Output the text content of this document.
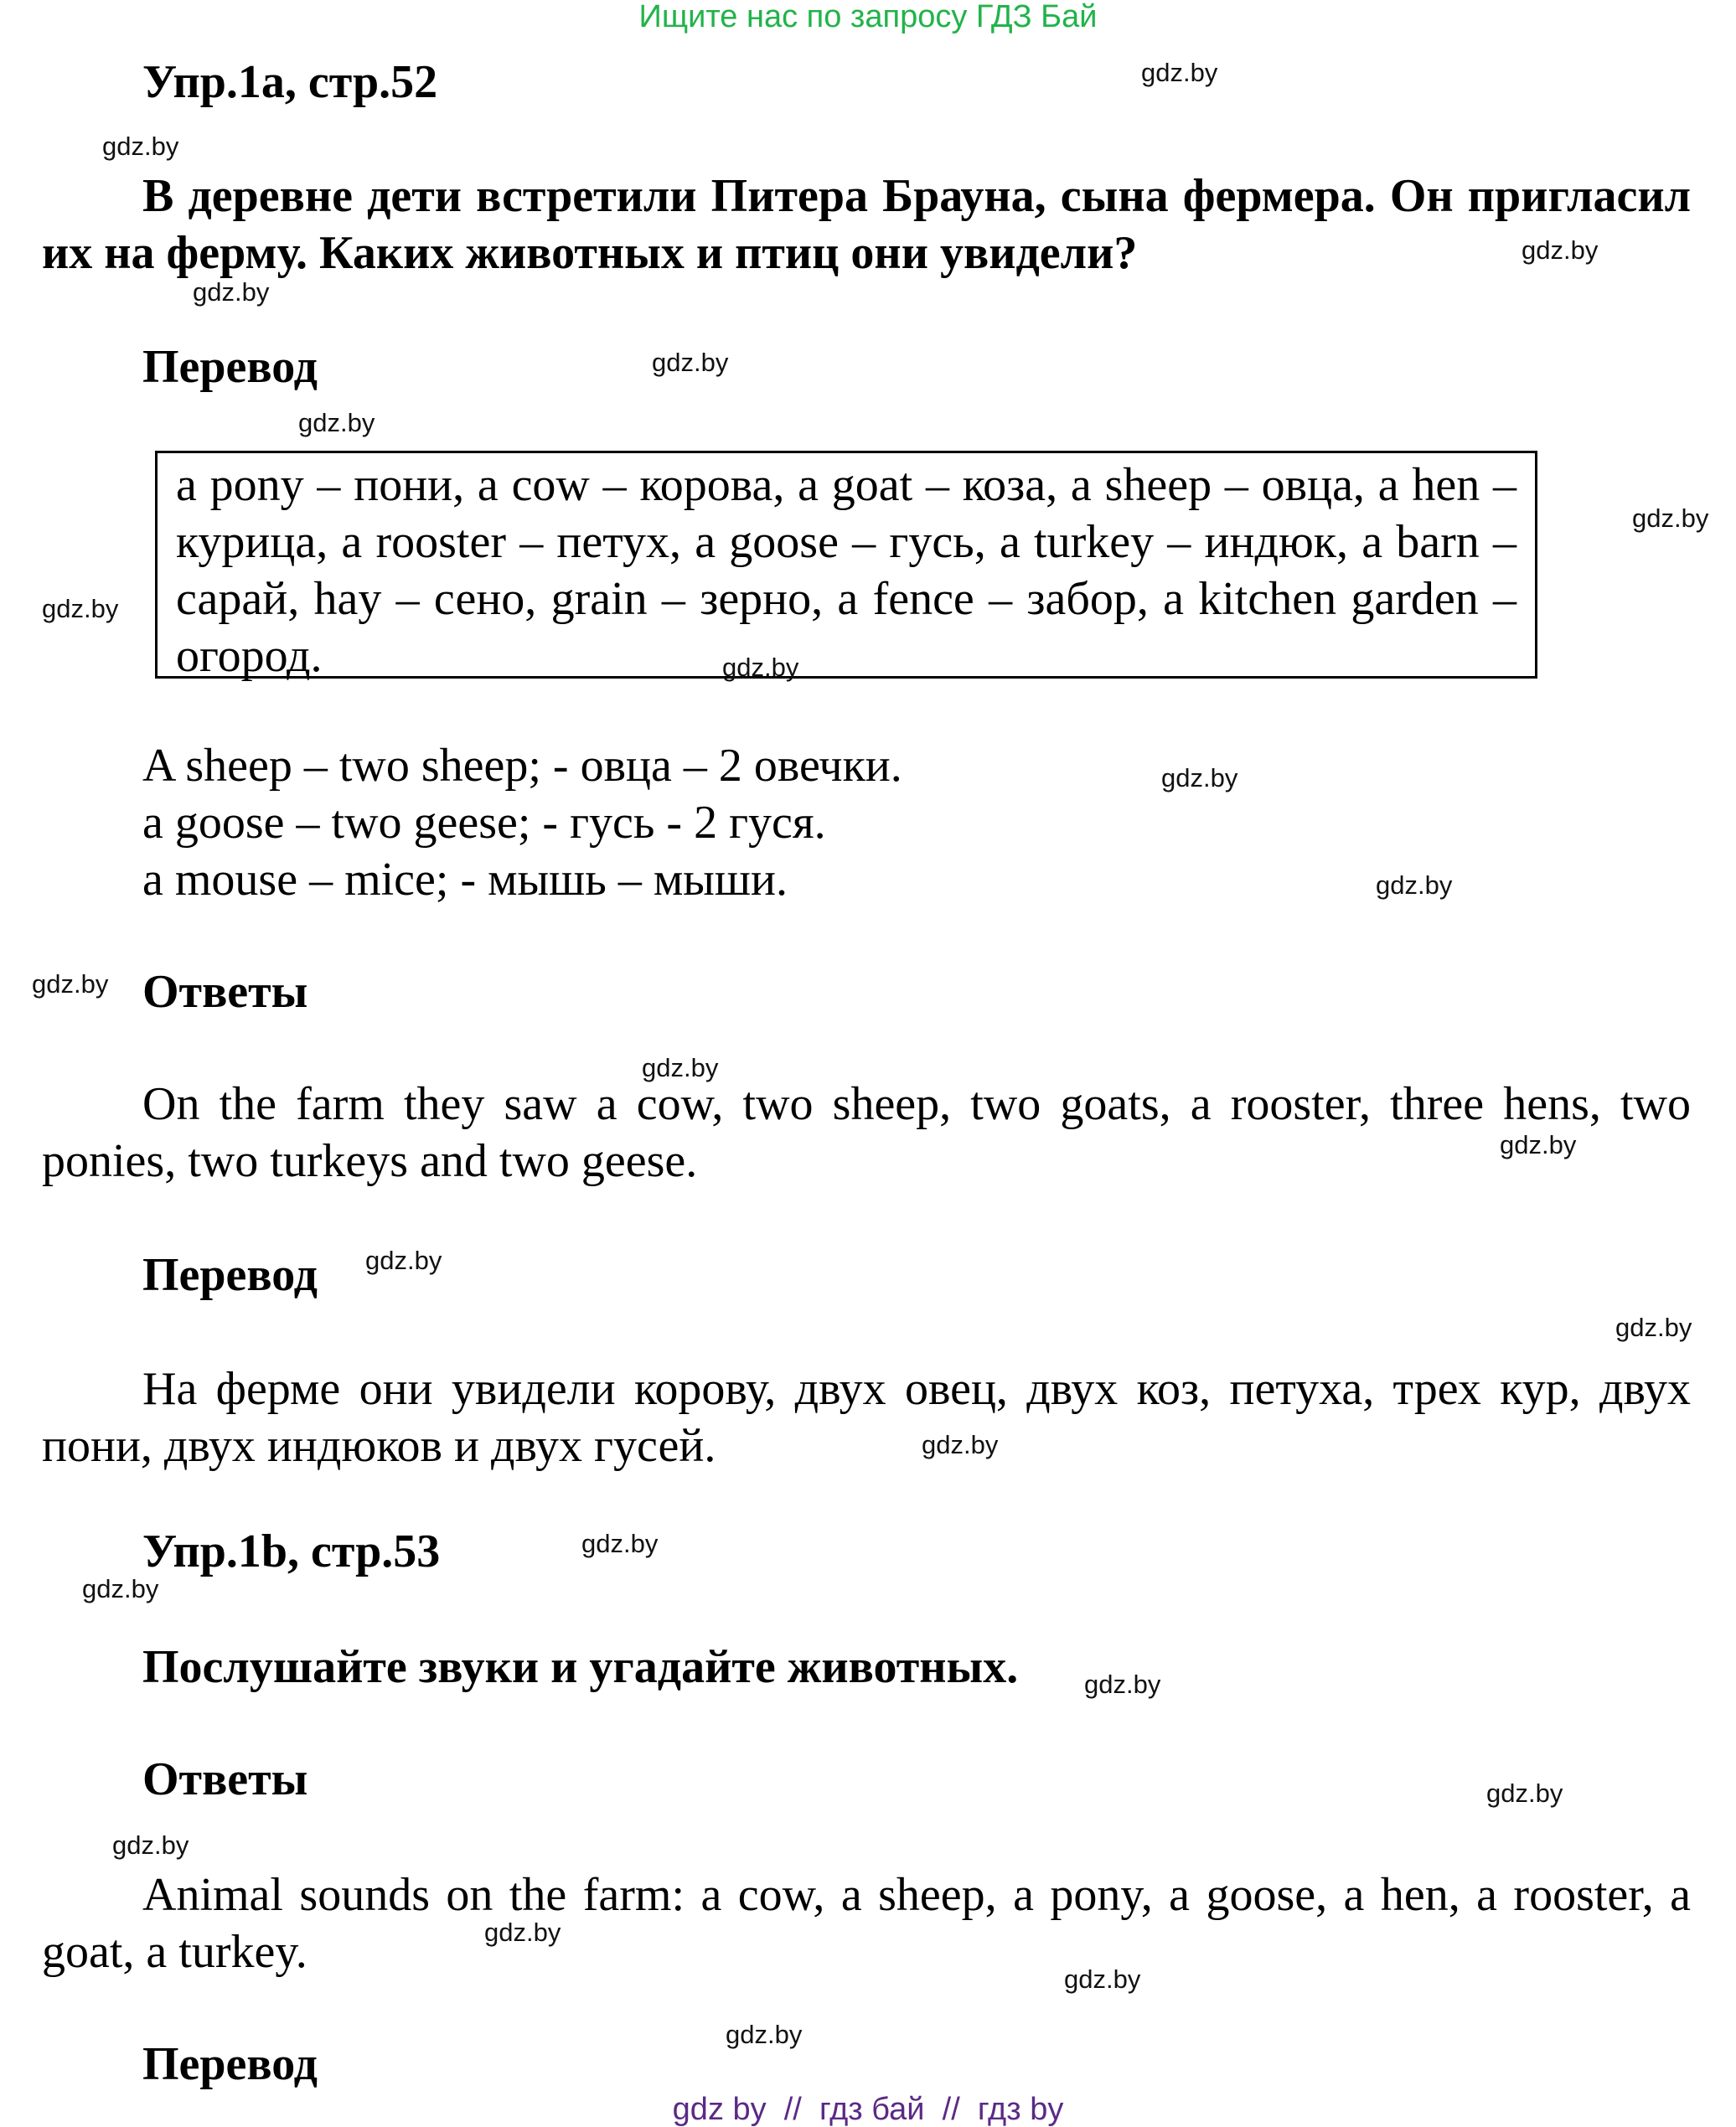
Ищите нас по запросу ГДЗ Бай
Упр.1a, стр.52
В деревне дети встретили Питера Брауна, сына фермера. Он пригласил их на ферму. Каких животных и птиц они увидели?
Перевод
a pony – пони, a cow – корова, a goat – коза, a sheep – овца, a hen – курица, a rooster – петух, a goose – гусь, a turkey – индюк, a barn – сарай, hay – сено, grain – зерно, a fence – забор, a kitchen garden – огород.
A sheep – two sheep; - овца – 2 овечки.
a goose – two geese; - гусь - 2 гуся.
a mouse – mice; - мышь – мыши.
Ответы
On the farm they saw a cow, two sheep, two goats, a rooster, three hens, two ponies, two turkeys and two geese.
Перевод
На ферме они увидели корову, двух овец, двух коз, петуха, трех кур, двух пони, двух индюков и двух гусей.
Упр.1b, стр.53
Послушайте звуки и угадайте животных.
Ответы
Animal sounds on the farm: a cow, a sheep, a pony, a goose, a hen, a rooster, a goat, a turkey.
Перевод
gdz.by
gdz.by
gdz.by
gdz.by
gdz.by
gdz.by
gdz.by
gdz.by
gdz.by
gdz.by
gdz.by
gdz.by
gdz.by
gdz.by
gdz.by
gdz.by
gdz.by
gdz.by
gdz.by
gdz.by
gdz.by
gdz.by
gdz.by
gdz.by
gdz.by
gdz by  //  гдз бай  //  гдз by
